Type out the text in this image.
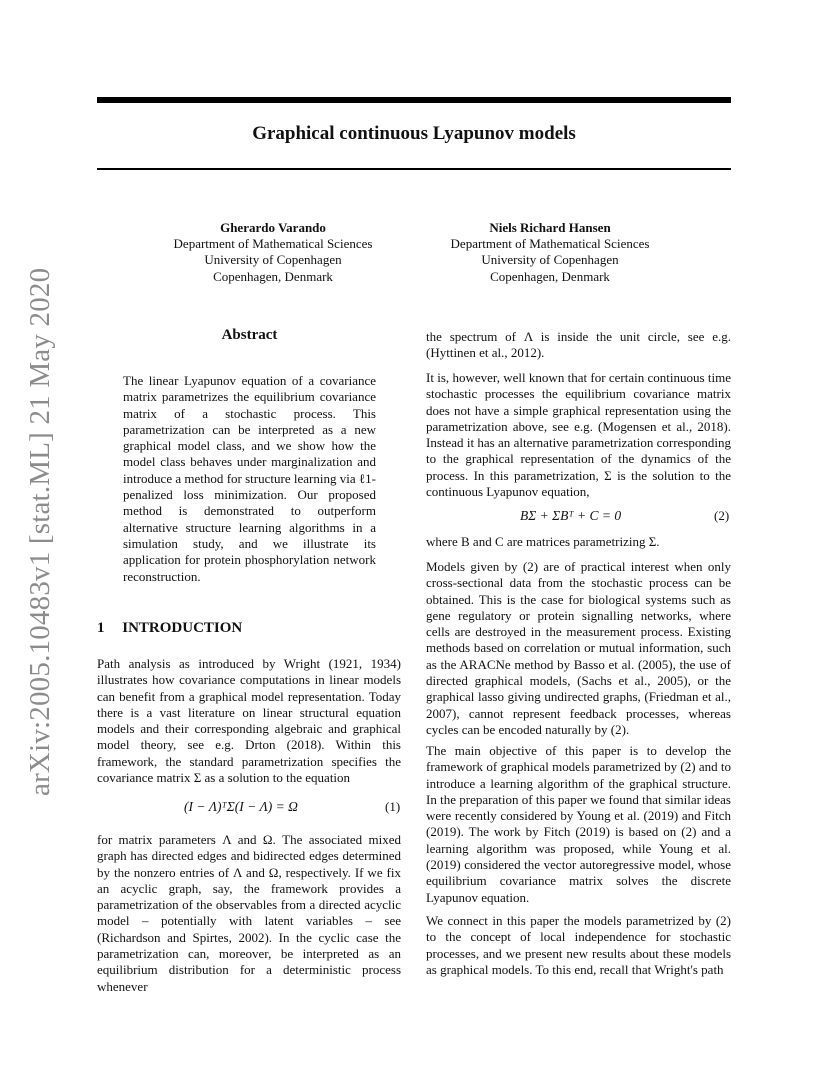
Graphical continuous Lyapunov models
Gherardo Varando
Department of Mathematical Sciences
University of Copenhagen
Copenhagen, Denmark
Niels Richard Hansen
Department of Mathematical Sciences
University of Copenhagen
Copenhagen, Denmark
arXiv:2005.10483v1 [stat.ML] 21 May 2020	Abstract
The linear Lyapunov equation of a covariance matrix parametrizes the equilibrium covariance matrix of a stochastic process. This parametrization can be interpreted as a new graphical model class, and we show how the model class behaves under marginalization and introduce a method for structure learning via ℓ1-penalized loss minimization. Our proposed method is demonstrated to outperform alternative structure learning algorithms in a simulation study, and we illustrate its application for protein phosphorylation network reconstruction.
1 INTRODUCTION

Path analysis as introduced by Wright (1921, 1934) illustrates how covariance computations in linear models can benefit from a graphical model representation. Today there is a vast literature on linear structural equation models and their corresponding algebraic and graphical model theory, see e.g. Drton (2018). Within this framework, the standard parametrization specifies the covariance matrix Σ as a solution to the equation

(I − Λ)ᵀΣ(I − Λ) = Ω	(1)

for matrix parameters Λ and Ω. The associated mixed graph has directed edges and bidirected edges determined by the nonzero entries of Λ and Ω, respectively. If we fix an acyclic graph, say, the framework provides a parametrization of the observables from a directed acyclic model – potentially with latent variables – see (Richardson and Spirtes, 2002). In the cyclic case the parametrization can, moreover, be interpreted as an equilibrium distribution for a deterministic process whenever

the spectrum of Λ is inside the unit circle, see e.g. (Hyttinen et al., 2012).

It is, however, well known that for certain continuous time stochastic processes the equilibrium covariance matrix does not have a simple graphical representation using the parametrization above, see e.g. (Mogensen et al., 2018). Instead it has an alternative parametrization corresponding to the graphical representation of the dynamics of the process. In this parametrization, Σ is the solution to the continuous Lyapunov equation,

BΣ + ΣBᵀ + C = 0	(2)

where B and C are matrices parametrizing Σ.

Models given by (2) are of practical interest when only cross-sectional data from the stochastic process can be obtained. This is the case for biological systems such as gene regulatory or protein signalling networks, where cells are destroyed in the measurement process. Existing methods based on correlation or mutual information, such as the ARACNe method by Basso et al. (2005), the use of directed graphical models, (Sachs et al., 2005), or the graphical lasso giving undirected graphs, (Friedman et al., 2007), cannot represent feedback processes, whereas cycles can be encoded naturally by (2).

The main objective of this paper is to develop the framework of graphical models parametrized by (2) and to introduce a learning algorithm of the graphical structure. In the preparation of this paper we found that similar ideas were recently considered by Young et al. (2019) and Fitch (2019). The work by Fitch (2019) is based on (2) and a learning algorithm was proposed, while Young et al. (2019) considered the vector autoregressive model, whose equilibrium covariance matrix solves the discrete Lyapunov equation.

We connect in this paper the models parametrized by (2) to the concept of local independence for stochastic processes, and we present new results about these models as graphical models. To this end, recall that Wright's path
